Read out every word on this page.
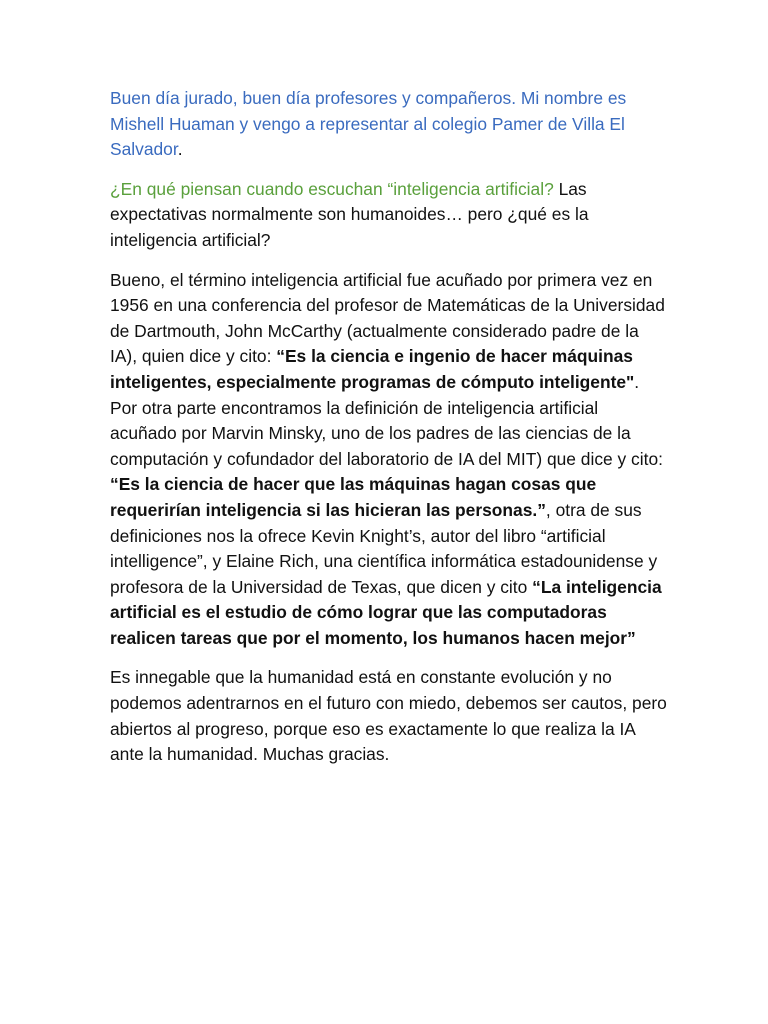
Buen día jurado, buen día profesores y compañeros. Mi nombre es Mishell Huaman y vengo a representar al colegio Pamer de Villa El Salvador.

¿En qué piensan cuando escuchan “inteligencia artificial? Las expectativas normalmente son humanoides… pero ¿qué es la inteligencia artificial?

Bueno, el término inteligencia artificial fue acuñado por primera vez en 1956 en una conferencia del profesor de Matemáticas de la Universidad de Dartmouth, John McCarthy (actualmente considerado padre de la IA), quien dice y cito: “Es la ciencia e ingenio de hacer máquinas inteligentes, especialmente programas de cómputo inteligente". Por otra parte encontramos la definición de inteligencia artificial acuñado por Marvin Minsky, uno de los padres de las ciencias de la computación y cofundador del laboratorio de IA del MIT) que dice y cito: “Es la ciencia de hacer que las máquinas hagan cosas que requerirían inteligencia si las hicieran las personas.”, otra de sus definiciones nos la ofrece Kevin Knight’s, autor del libro “artificial intelligence”, y Elaine Rich, una científica informática estadounidense y profesora de la Universidad de Texas, que dicen y cito “La inteligencia artificial es el estudio de cómo lograr que las computadoras realicen tareas que por el momento, los humanos hacen mejor”

Es innegable que la humanidad está en constante evolución y no podemos adentrarnos en el futuro con miedo, debemos ser cautos, pero abiertos al progreso, porque eso es exactamente lo que realiza la IA ante la humanidad. Muchas gracias.
